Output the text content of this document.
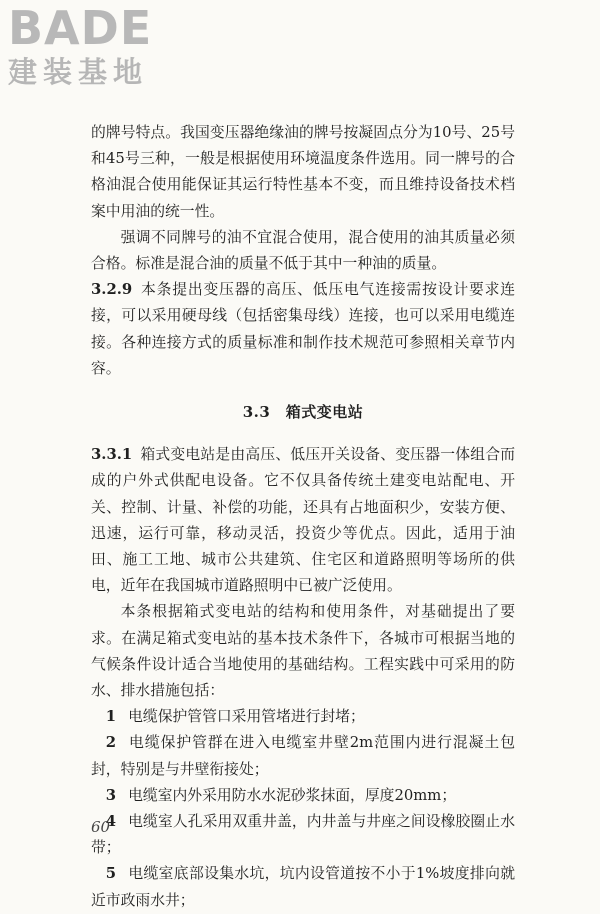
BADE
建装基地

的牌号特点。我国变压器绝缘油的牌号按凝固点分为10号、25号和45号三种，一般是根据使用环境温度条件选用。同一牌号的合格油混合使用能保证其运行特性基本不变，而且维持设备技术档案中用油的统一性。

强调不同牌号的油不宜混合使用，混合使用的油其质量必须合格。标准是混合油的质量不低于其中一种油的质量。

3.2.9 本条提出变压器的高压、低压电气连接需按设计要求连接，可以采用硬母线（包括密集母线）连接，也可以采用电缆连接。各种连接方式的质量标准和制作技术规范可参照相关章节内容。

3.3　箱式变电站

3.3.1 箱式变电站是由高压、低压开关设备、变压器一体组合而成的户外式供配电设备。它不仅具备传统土建变电站配电、开关、控制、计量、补偿的功能，还具有占地面积少，安装方便、迅速，运行可靠，移动灵活，投资少等优点。因此，适用于油田、施工工地、城市公共建筑、住宅区和道路照明等场所的供电，近年在我国城市道路照明中已被广泛使用。

本条根据箱式变电站的结构和使用条件，对基础提出了要求。在满足箱式变电站的基本技术条件下，各城市可根据当地的气候条件设计适合当地使用的基础结构。工程实践中可采用的防水、排水措施包括：

1 电缆保护管管口采用管堵进行封堵；

2 电缆保护管群在进入电缆室井壁2m范围内进行混凝土包封，特别是与井壁衔接处；

3 电缆室内外采用防水水泥砂浆抹面，厚度20mm；

4 电缆室人孔采用双重井盖，内井盖与井座之间设橡胶圈止水带；

5 电缆室底部设集水坑，坑内设管道按不小于1%坡度排向就近市政雨水井；

60
